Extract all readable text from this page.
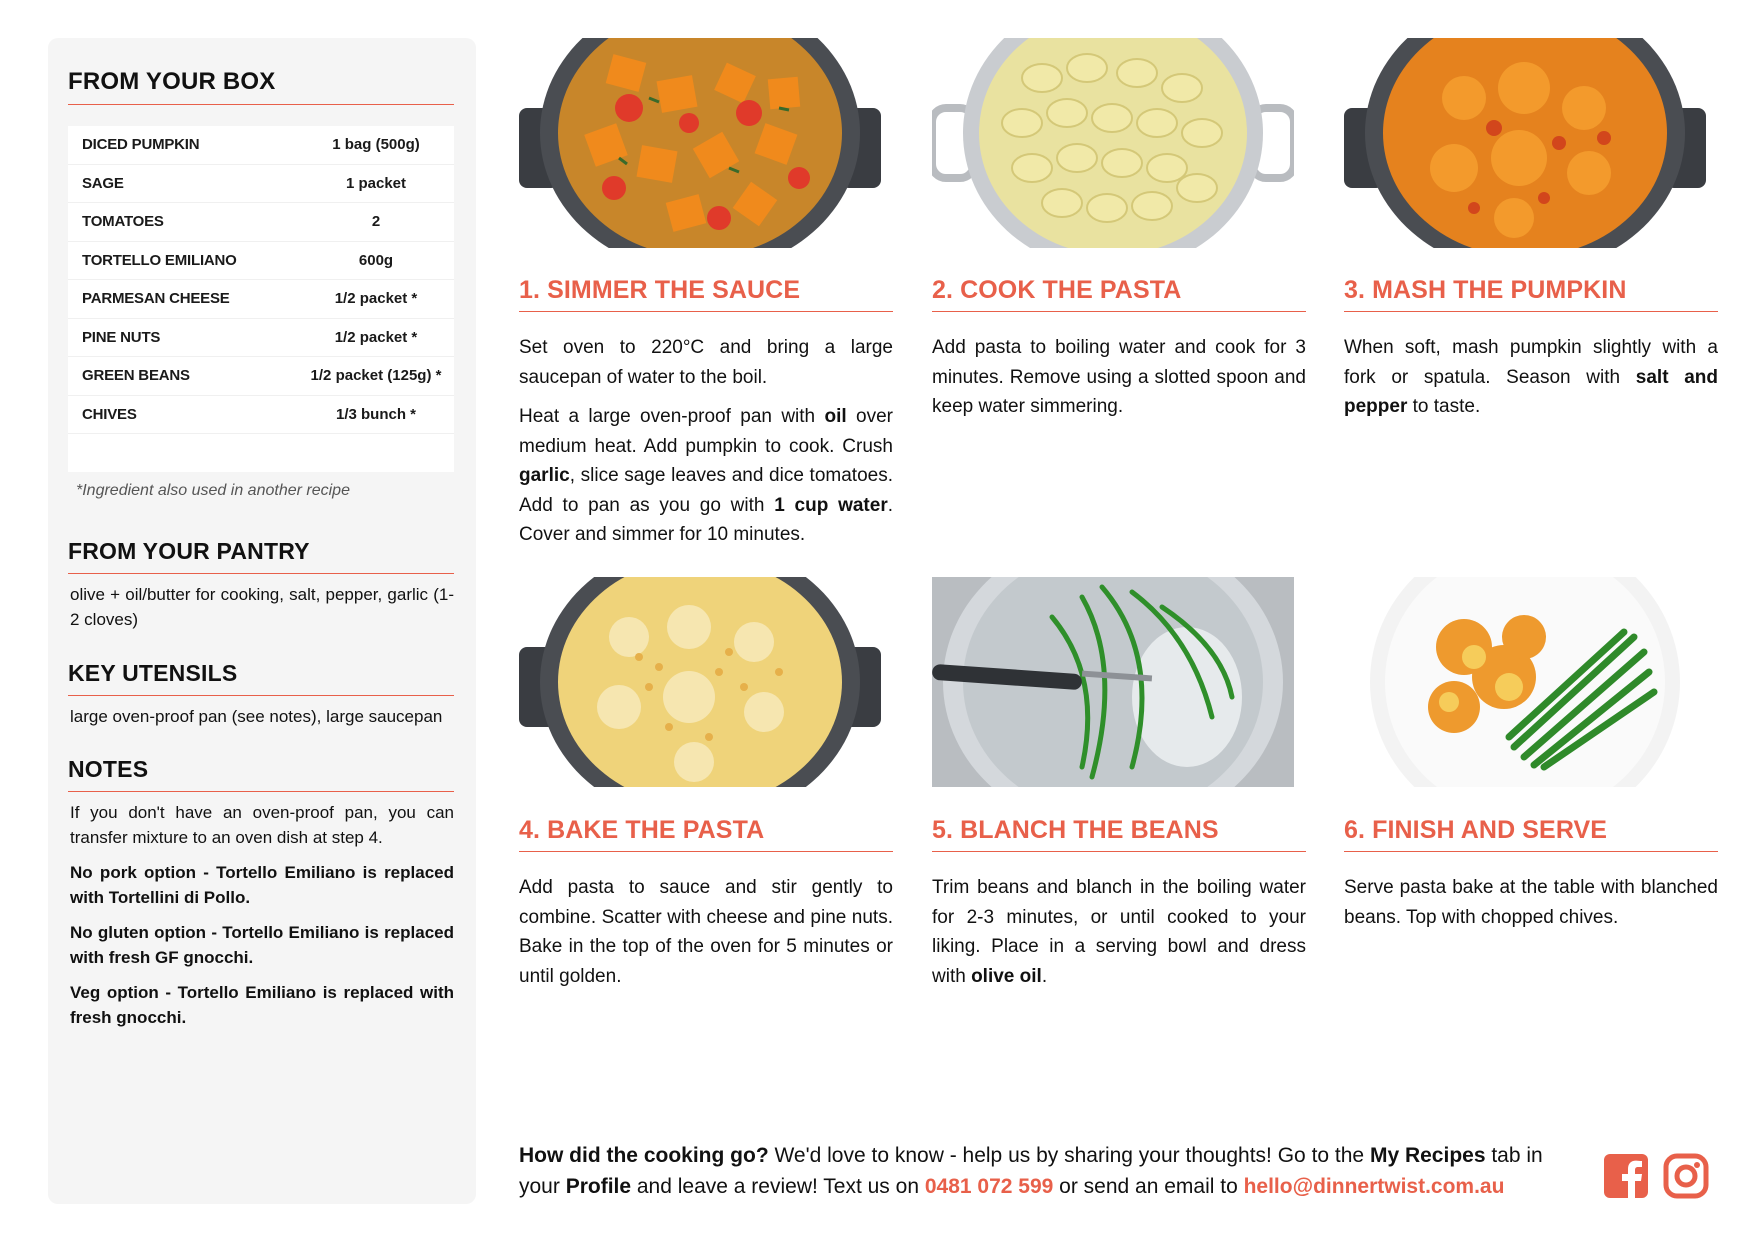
FROM YOUR BOX
DICED PUMPKIN	1 bag (500g)
SAGE	1 packet
TOMATOES	2
TORTELLO EMILIANO	600g
PARMESAN CHEESE	1/2 packet *
PINE NUTS	1/2 packet *
GREEN BEANS	1/2 packet (125g) *
CHIVES	1/3 bunch *
*Ingredient also used in another recipe
FROM YOUR PANTRY
olive + oil/butter for cooking, salt, pepper, garlic (1-2 cloves)
KEY UTENSILS
large oven-proof pan (see notes), large saucepan
NOTES
If you don't have an oven-proof pan, you can transfer mixture to an oven dish at step 4.
No pork option - Tortello Emiliano is replaced with Tortellini di Pollo.
No gluten option - Tortello Emiliano is replaced with fresh GF gnocchi.
Veg option - Tortello Emiliano is replaced with fresh gnocchi.
1. SIMMER THE SAUCE

Set oven to 220°C and bring a large saucepan of water to the boil.

Heat a large oven-proof pan with oil over medium heat. Add pumpkin to cook. Crush garlic, slice sage leaves and dice tomatoes. Add to pan as you go with 1 cup water. Cover and simmer for 10 minutes.

2. COOK THE PASTA

Add pasta to boiling water and cook for 3 minutes. Remove using a slotted spoon and keep water simmering.

3. MASH THE PUMPKIN

When soft, mash pumpkin slightly with a fork or spatula. Season with salt and pepper to taste.

4. BAKE THE PASTA

Add pasta to sauce and stir gently to combine. Scatter with cheese and pine nuts. Bake in the top of the oven for 5 minutes or until golden.

5. BLANCH THE BEANS

Trim beans and blanch in the boiling water for 2-3 minutes, or until cooked to your liking. Place in a serving bowl and dress with olive oil.

6. FINISH AND SERVE

Serve pasta bake at the table with blanched beans. Top with chopped chives.

How did the cooking go? We'd love to know - help us by sharing your thoughts! Go to the My Recipes tab in your Profile and leave a review! Text us on 0481 072 599 or send an email to hello@dinnertwist.com.au
